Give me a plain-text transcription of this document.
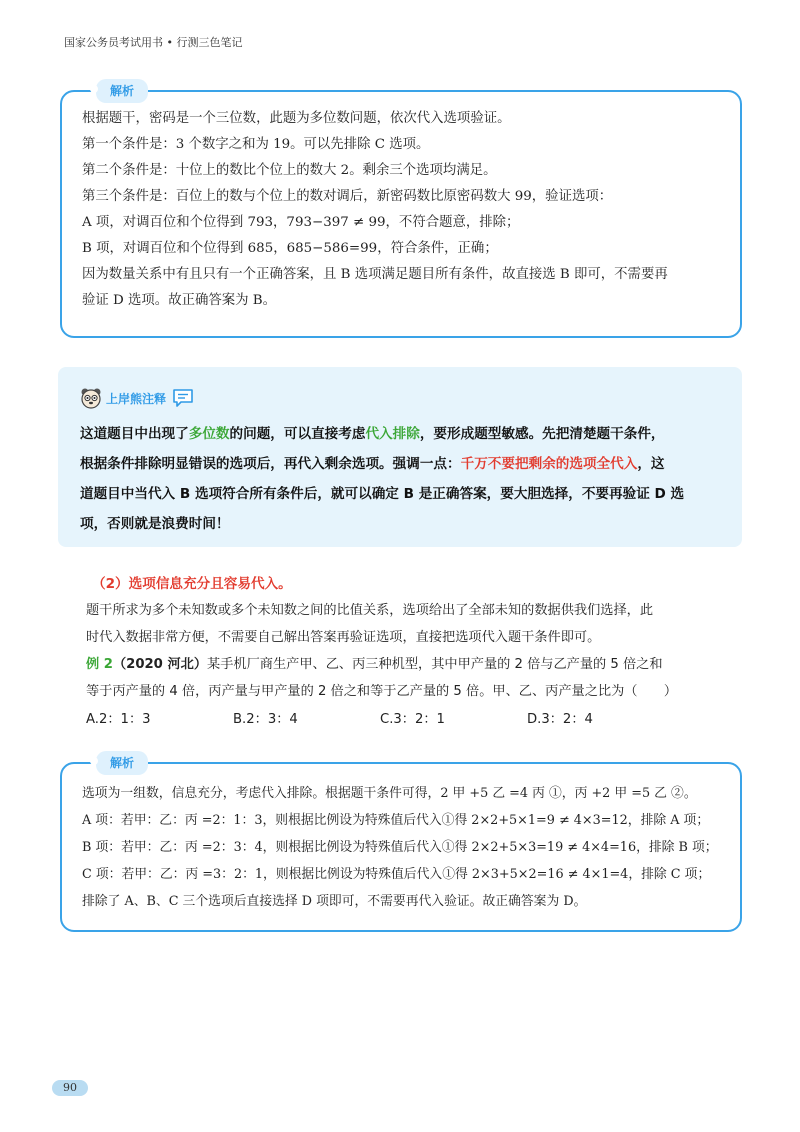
国家公务员考试用书 • 行测三色笔记
解析

根据题干，密码是一个三位数，此题为多位数问题，依次代入选项验证。

第一个条件是：3 个数字之和为 19。可以先排除 C 选项。

第二个条件是：十位上的数比个位上的数大 2。剩余三个选项均满足。

第三个条件是：百位上的数与个位上的数对调后，新密码数比原密码数大 99，验证选项：

A 项，对调百位和个位得到 793，793−397 ≠ 99，不符合题意，排除；

B 项，对调百位和个位得到 685，685−586=99，符合条件，正确；

因为数量关系中有且只有一个正确答案，且 B 选项满足题目所有条件，故直接选 B 即可，不需要再

验证 D 选项。故正确答案为 B。

上岸熊注释

这道题目中出现了多位数的问题，可以直接考虑代入排除，要形成题型敏感。先把清楚题干条件，

根据条件排除明显错误的选项后，再代入剩余选项。强调一点：千万不要把剩余的选项全代入，这

道题目中当代入 B 选项符合所有条件后，就可以确定 B 是正确答案，要大胆选择，不要再验证 D 选

项，否则就是浪费时间！

（2）选项信息充分且容易代入。

题干所求为多个未知数或多个未知数之间的比值关系，选项给出了全部未知的数据供我们选择，此

时代入数据非常方便，不需要自己解出答案再验证选项，直接把选项代入题干条件即可。

例 2（2020 河北）某手机厂商生产甲、乙、丙三种机型，其中甲产量的 2 倍与乙产量的 5 倍之和

等于丙产量的 4 倍，丙产量与甲产量的 2 倍之和等于乙产量的 5 倍。甲、乙、丙产量之比为（　　）

A.2：1：3	B.2：3：4	C.3：2：1	D.3：2：4
解析

选项为一组数，信息充分，考虑代入排除。根据题干条件可得，2 甲 +5 乙 =4 丙 ①，丙 +2 甲 =5 乙 ②。

A 项：若甲：乙：丙 =2：1：3，则根据比例设为特殊值后代入①得 2×2+5×1=9 ≠ 4×3=12，排除 A 项；

B 项：若甲：乙：丙 =2：3：4，则根据比例设为特殊值后代入①得 2×2+5×3=19 ≠ 4×4=16，排除 B 项；

C 项：若甲：乙：丙 =3：2：1，则根据比例设为特殊值后代入①得 2×3+5×2=16 ≠ 4×1=4，排除 C 项；

排除了 A、B、C 三个选项后直接选择 D 项即可，不需要再代入验证。故正确答案为 D。

90
